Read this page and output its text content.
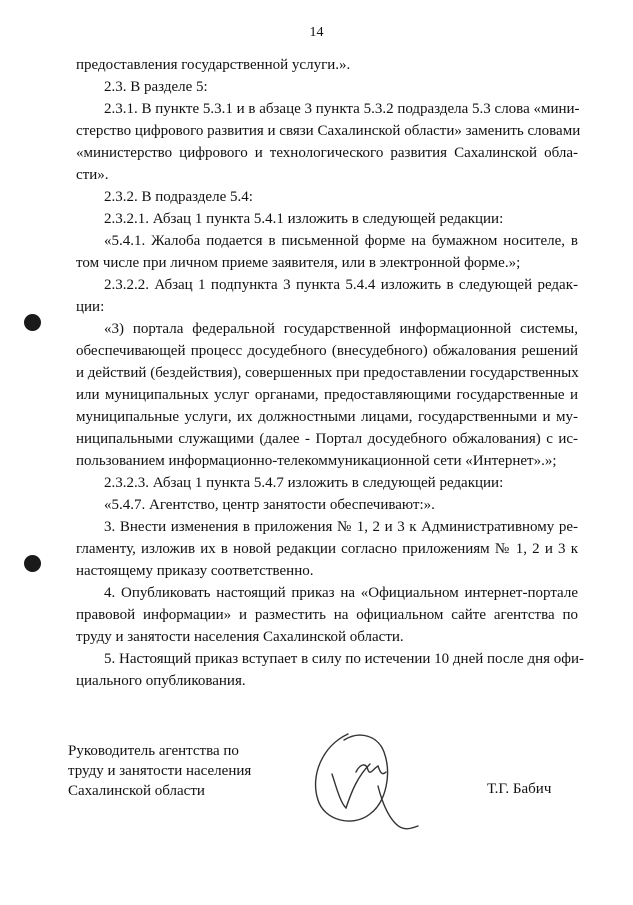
14
предоставления государственной услуги.».
2.3. В разделе 5:
2.3.1. В пункте 5.3.1 и в абзаце 3 пункта 5.3.2 подраздела 5.3 слова «мини-
стерство цифрового развития и связи Сахалинской области» заменить словами
«министерство цифрового и технологического развития Сахалинской обла-
сти».
2.3.2. В подразделе 5.4:
2.3.2.1. Абзац 1 пункта 5.4.1 изложить в следующей редакции:
«5.4.1. Жалоба подается в письменной форме на бумажном носителе, в
том числе при личном приеме заявителя, или в электронной форме.»;
2.3.2.2. Абзац 1 подпункта 3 пункта 5.4.4 изложить в следующей редак-
ции:
«3) портала федеральной государственной информационной системы,
обеспечивающей процесс досудебного (внесудебного) обжалования решений
и действий (бездействия), совершенных при предоставлении государственных
или муниципальных услуг органами, предоставляющими государственные и
муниципальные услуги, их должностными лицами, государственными и му-
ниципальными служащими (далее - Портал досудебного обжалования) с ис-
пользованием информационно-телекоммуникационной сети «Интернет».»;
2.3.2.3. Абзац 1 пункта 5.4.7 изложить в следующей редакции:
«5.4.7. Агентство, центр занятости обеспечивают:».
3. Внести изменения в приложения № 1, 2 и 3 к Административному ре-
гламенту, изложив их в новой редакции согласно приложениям № 1, 2 и 3 к
настоящему приказу соответственно.
4. Опубликовать настоящий приказ на «Официальном интернет-портале
правовой информации» и разместить на официальном сайте агентства по
труду и занятости населения Сахалинской области.
5. Настоящий приказ вступает в силу по истечении 10 дней после дня офи-
циального опубликования.
Руководитель агентства по
труду и занятости населения
Сахалинской области	Т.Г. Бабич
